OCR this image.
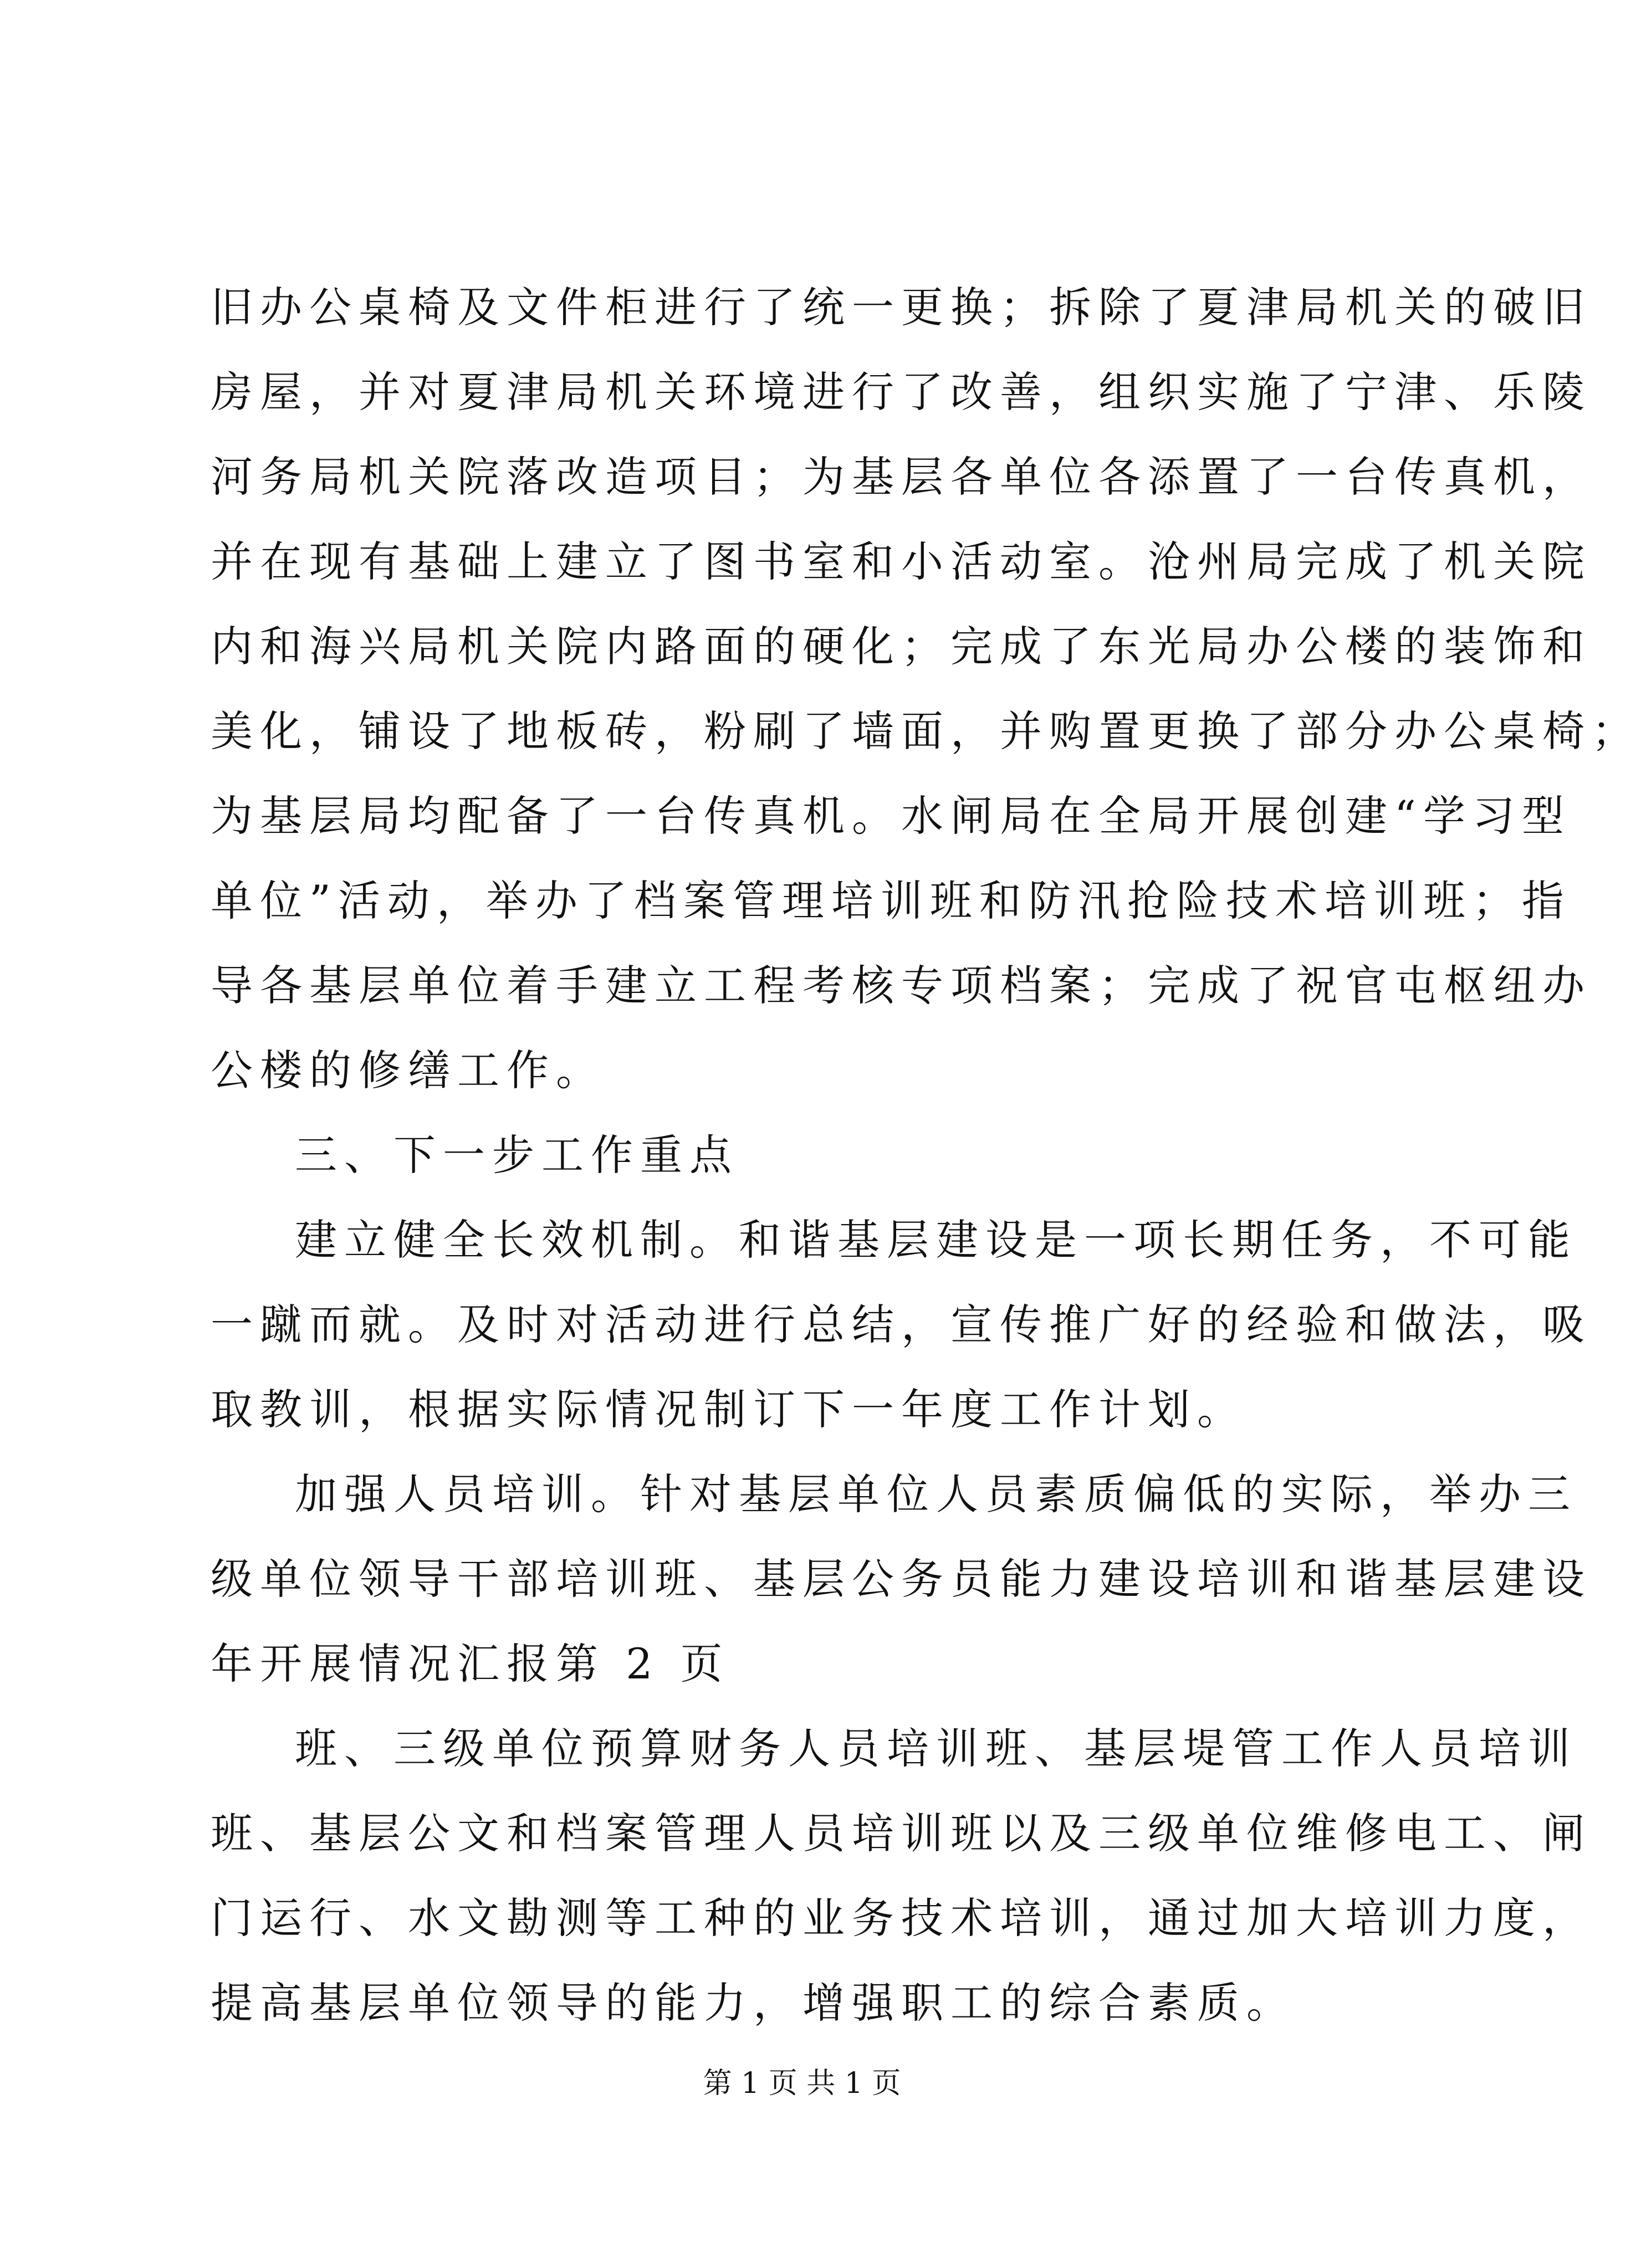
旧办公桌椅及文件柜进行了统一更换；拆除了夏津局机关的破旧
房屋，并对夏津局机关环境进行了改善，组织实施了宁津、乐陵
河务局机关院落改造项目；为基层各单位各添置了一台传真机，
并在现有基础上建立了图书室和小活动室。沧州局完成了机关院
内和海兴局机关院内路面的硬化；完成了东光局办公楼的装饰和
美化，铺设了地板砖，粉刷了墙面，并购置更换了部分办公桌椅；
为基层局均配备了一台传真机。水闸局在全局开展创建“学习型
单位”活动，举办了档案管理培训班和防汛抢险技术培训班；指
导各基层单位着手建立工程考核专项档案；完成了祝官屯枢纽办
公楼的修缮工作。
三、下一步工作重点
建立健全长效机制。和谐基层建设是一项长期任务，不可能
一蹴而就。及时对活动进行总结，宣传推广好的经验和做法，吸
取教训，根据实际情况制订下一年度工作计划。
加强人员培训。针对基层单位人员素质偏低的实际，举办三
级单位领导干部培训班、基层公务员能力建设培训和谐基层建设
年开展情况汇报第 2 页
班、三级单位预算财务人员培训班、基层堤管工作人员培训
班、基层公文和档案管理人员培训班以及三级单位维修电工、闸
门运行、水文勘测等工种的业务技术培训，通过加大培训力度，
提高基层单位领导的能力，增强职工的综合素质。
第 1 页 共 1 页
